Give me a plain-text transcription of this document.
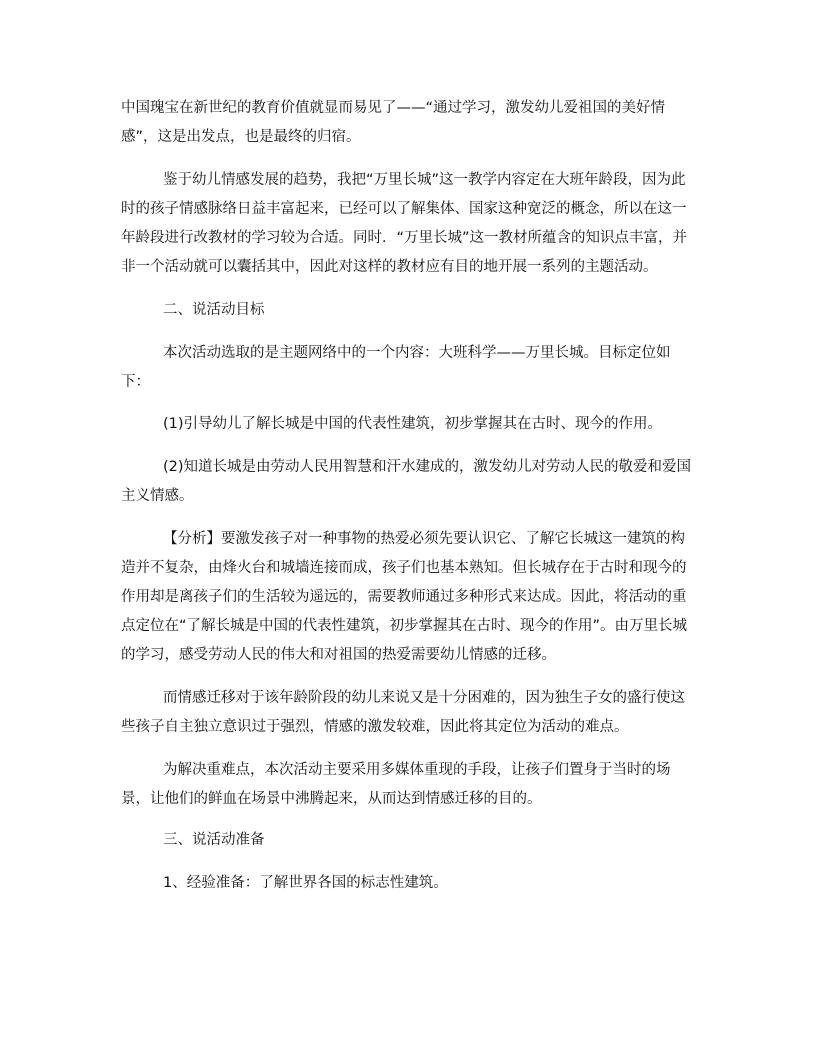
中国瑰宝在新世纪的教育价值就显而易见了——“通过学习，激发幼儿爱祖国的美好情
感”，这是出发点，也是最终的归宿。
鉴于幼儿情感发展的趋势，我把“万里长城”这一教学内容定在大班年龄段，因为此
时的孩子情感脉络日益丰富起来，已经可以了解集体、国家这种宽泛的概念，所以在这一
年龄段进行改教材的学习较为合适。同时．“万里长城”这一教材所蕴含的知识点丰富，并
非一个活动就可以囊括其中，因此对这样的教材应有目的地开展一系列的主题活动。
二、说活动目标
本次活动选取的是主题网络中的一个内容：大班科学——万里长城。目标定位如
下：
(1)引导幼儿了解长城是中国的代表性建筑，初步掌握其在古时、现今的作用。
(2)知道长城是由劳动人民用智慧和汗水建成的，激发幼儿对劳动人民的敬爱和爱国
主义情感。
【分析】要激发孩子对一种事物的热爱必须先要认识它、了解它长城这一建筑的构
造并不复杂，由烽火台和城墙连接而成，孩子们也基本熟知。但长城存在于古时和现今的
作用却是离孩子们的生活较为遥远的，需要教师通过多种形式来达成。因此，将活动的重
点定位在“了解长城是中国的代表性建筑，初步掌握其在古时、现今的作用”。由万里长城
的学习，感受劳动人民的伟大和对祖国的热爱需要幼儿情感的迁移。
而情感迁移对于该年龄阶段的幼儿来说又是十分困难的，因为独生子女的盛行使这
些孩子自主独立意识过于强烈，情感的激发较难，因此将其定位为活动的难点。
为解决重难点，本次活动主要采用多媒体重现的手段，让孩子们置身于当时的场
景，让他们的鲜血在场景中沸腾起来，从而达到情感迁移的目的。
三、说活动准备
1、经验准备：了解世界各国的标志性建筑。
